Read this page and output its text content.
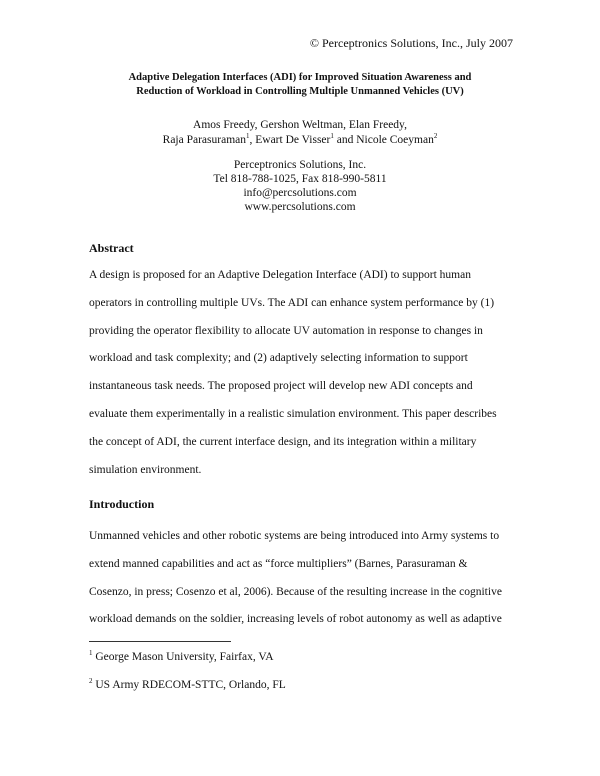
© Perceptronics Solutions, Inc., July 2007
Adaptive Delegation Interfaces (ADI) for Improved Situation Awareness and
Reduction of Workload in Controlling Multiple Unmanned Vehicles (UV)
Amos Freedy, Gershon Weltman, Elan Freedy,
Raja Parasuraman$^1$, Ewart De Visser$^1$ and Nicole Coeyman$^2$
Perceptronics Solutions, Inc.
Tel 818-788-1025, Fax 818-990-5811
info@percsolutions.com
www.percsolutions.com
Abstract
A design is proposed for an Adaptive Delegation Interface (ADI) to support human
operators in controlling multiple UVs. The ADI can enhance system performance by (1)
providing the operator flexibility to allocate UV automation in response to changes in
workload and task complexity; and (2) adaptively selecting information to support
instantaneous task needs. The proposed project will develop new ADI concepts and
evaluate them experimentally in a realistic simulation environment. This paper describes
the concept of ADI, the current interface design, and its integration within a military
simulation environment.
Introduction
Unmanned vehicles and other robotic systems are being introduced into Army systems to
extend manned capabilities and act as “force multipliers” (Barnes, Parasuraman &
Cosenzo, in press; Cosenzo et al, 2006). Because of the resulting increase in the cognitive
workload demands on the soldier, increasing levels of robot autonomy as well as adaptive
$^1$ George Mason University, Fairfax, VA
$^2$ US Army RDECOM-STTC, Orlando, FL
